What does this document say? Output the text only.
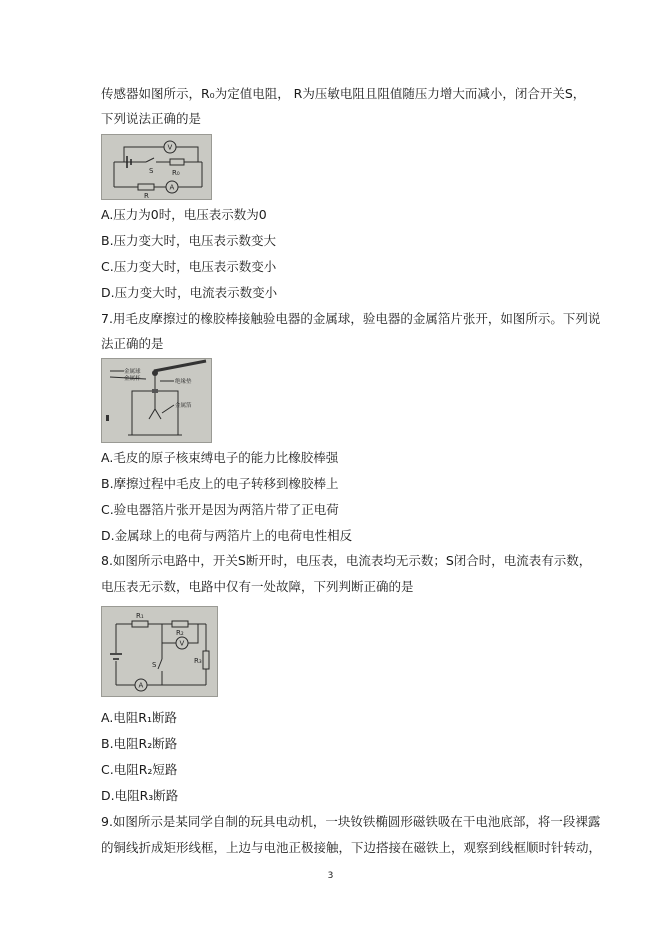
传感器如图所示，R₀为定值电阻， R为压敏电阻且阻值随压力增大而减小，闭合开关S，
下列说法正确的是
V
S	R₀
R
A
A.压力为0时，电压表示数为0
B.压力变大时，电压表示数变大
C.压力变大时，电压表示数变小
D.压力变大时，电流表示数变小
7.用毛皮摩擦过的橡胶棒接触验电器的金属球，验电器的金属箔片张开，如图所示。下列说
法正确的是
金属球
金属杆	绝缘垫
金属箔
A.毛皮的原子核束缚电子的能力比橡胶棒强
B.摩擦过程中毛皮上的电子转移到橡胶棒上
C.验电器箔片张开是因为两箔片带了正电荷
D.金属球上的电荷与两箔片上的电荷电性相反
8.如图所示电路中，开关S断开时，电压表，电流表均无示数；S闭合时，电流表有示数，
电压表无示数，电路中仅有一处故障，下列判断正确的是
R₁
R₂
V
S	R₃
A
A.电阻R₁断路
B.电阻R₂断路
C.电阻R₂短路
D.电阻R₃断路
9.如图所示是某同学自制的玩具电动机，一块钕铁椭圆形磁铁吸在干电池底部，将一段裸露
的铜线折成矩形线框，上边与电池正极接触，下边搭接在磁铁上，观察到线框顺时针转动，
3
